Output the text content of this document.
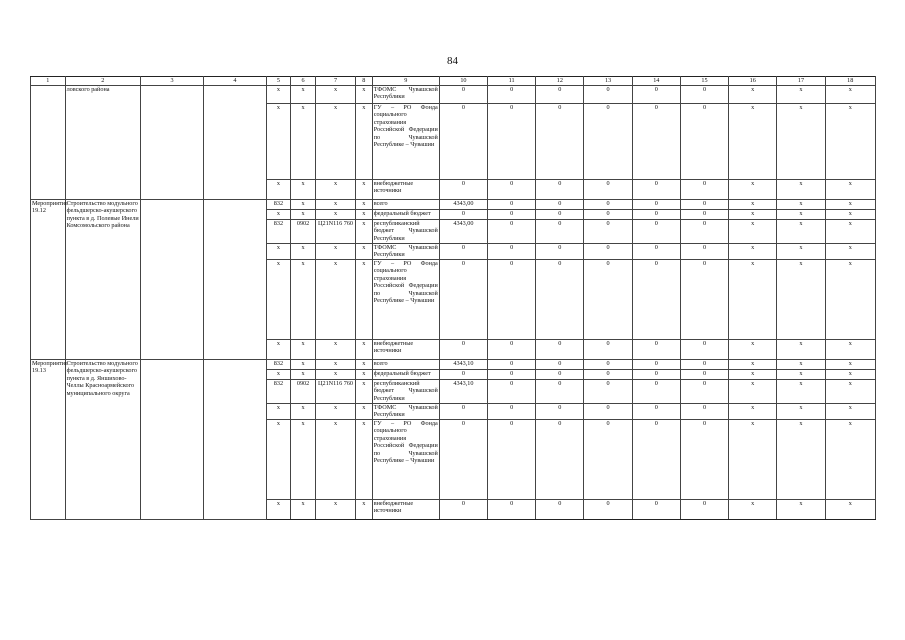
84
1	2	3	4	5	6	7	8	9	10	11	12	13	14	15	16	17	18
	ловского района			х	х	х	х	ТФОМС Чувашской Республики	0	0	0	0	0	0	х	х	х
				х	х	х	х	ГУ – РО Фонда социального страхования Российской Федерации по Чувашской Республике – Чувашии	0	0	0	0	0	0	х	х	х
				х	х	х	х	внебюджетные источники	0	0	0	0	0	0	х	х	х
Мероприятие 19.12	Строительство модульного фельдшерско-акушерского пункта в д. Полевые Инели Комсомольского района			832	х	х	х	всего	4343,00	0	0	0	0	0	х	х	х
				х	х	х	х	федеральный бюджет	0	0	0	0	0	0	х	х	х
				832	0902	Ц21N116 760	х	республиканский бюджет Чувашской Республики	4343,00	0	0	0	0	0	х	х	х
				х	х	х	х	ТФОМС Чувашской Республики	0	0	0	0	0	0	х	х	х
				х	х	х	х	ГУ – РО Фонда социального страхования Российской Федерации по Чувашской Республике – Чувашии	0	0	0	0	0	0	х	х	х
				х	х	х	х	внебюджетные источники	0	0	0	0	0	0	х	х	х
Мероприятие 19.13	Строительство модульного фельдшерско-акушерского пункта в д. Яншихово-Челлы Красноармейского муниципального округа			832	х	х	х	всего	4343,10	0	0	0	0	0	х	х	х
				х	х	х	х	федеральный бюджет	0	0	0	0	0	0	х	х	х
				832	0902	Ц21N116 760	х	республиканский бюджет Чувашской Республики	4343,10	0	0	0	0	0	х	х	х
				х	х	х	х	ТФОМС Чувашской Республики	0	0	0	0	0	0	х	х	х
				х	х	х	х	ГУ – РО Фонда социального страхования Российской Федерации по Чувашской Республике – Чувашии	0	0	0	0	0	0	х	х	х
				х	х	х	х	внебюджетные источники	0	0	0	0	0	0	х	х	х
